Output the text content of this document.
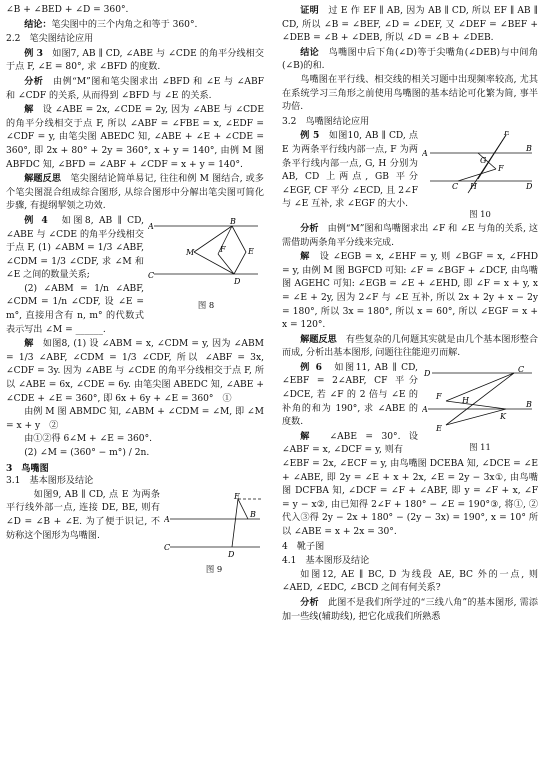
∠B + ∠BED + ∠D = 360°.

结论：笔尖图中的三个内角之和等于 360°.

2.2　笔尖图结论应用

例 3　如图7, AB ∥ CD, ∠ABE 与 ∠CDE 的角平分线相交于点 F, ∠E = 80°, 求 ∠BFD 的度数.

分析　由例“M”图和笔尖图求出 ∠BFD 和 ∠E 与 ∠ABF 和 ∠CDF 的关系, 从而得到 ∠BFD 与 ∠E 的关系.

解　设 ∠ABE = 2x, ∠CDE = 2y, 因为 ∠ABE 与 ∠CDE 的角平分线相交于点 F, 所以 ∠ABF = ∠FBE = x, ∠EDF = ∠CDF = y, 由笔尖图 ABEDC 知, ∠ABE + ∠E + ∠CDE = 360°, 即 2x + 80° + 2y = 360°, x + y = 140°, 由例 M 图 ABFDC 知, ∠BFD = ∠ABF + ∠CDF = x + y = 140°.

解题反思　笔尖图结论简单易记, 往往和例 M 图结合, 或多个笔尖图混合组成综合图形, 从综合图形中分解出笔尖图可简化步骤, 有提纲挈领之功效.

A
B
E
F
M
C
D
图 8

例 4　如图8, AB ∥ CD, ∠ABE 与 ∠CDE 的角平分线相交于点 F, (1) ∠ABM = 1/3 ∠ABF, ∠CDM = 1/3 ∠CDF, 求 ∠M 和 ∠E 之间的数量关系;

(2) ∠ABM = 1/n ∠ABF, ∠CDM = 1/n ∠CDF, 设 ∠E = m°, 直接用含有 n, m° 的代数式表示写出 ∠M = ______.

解　如图8, (1) 设 ∠ABM = x, ∠CDM = y, 因为 ∠ABM = 1/3 ∠ABF, ∠CDM = 1/3 ∠CDF, 所以 ∠ABF = 3x, ∠CDF = 3y. 因为 ∠ABE 与 ∠CDE 的角平分线相交于点 F, 所以 ∠ABE = 6x, ∠CDE = 6y. 由笔尖图 ABEDC 知, ∠ABE + ∠CDE + ∠E = 360°, 即 6x + 6y + ∠E = 360°　①

由例 M 图 ABMDC 知, ∠ABM + ∠CDM = ∠M, 即 ∠M = x + y　②

由①②得 6∠M + ∠E = 360°.

(2) ∠M = (360° − m°) / 2n.

3　鸟嘴图

3.1　基本图形及结论

E
A
B
C
D
图 9

　如图9, AB ∥ CD, 点 E 为两条平行线外部一点, 连接 DE, BE, 则有 ∠D = ∠B + ∠E. 为了便于识记, 不妨称这个图形为鸟嘴图.

证明　过 E 作 EF ∥ AB, 因为 AB ∥ CD, 所以 EF ∥ AB ∥ CD, 所以 ∠B = ∠BEF, ∠D = ∠DEF, 又 ∠DEF = ∠BEF + ∠DEB = ∠B + ∠DEB, 所以 ∠D = ∠B + ∠DEB.

结论　鸟嘴图中后下角(∠D)等于尖嘴角(∠DEB)与中间角(∠B)的和.

鸟嘴图在平行线、相交线的相关习题中出现频率较高, 尤其在系统学习三角形之前使用鸟嘴图的基本结论可化繁为简, 事半功倍.

3.2　鸟嘴图结论应用

E
A
G
F
B
C H	D
图 10

例 5　如图10, AB ∥ CD, 点 E 为两条平行线内部一点, F 为两条平行线内部一点, G, H 分别为 AB, CD 上两点, GB 平分 ∠EGF, CF 平分 ∠ECD, 且 2∠F 与 ∠E 互补, 求 ∠EGF 的大小.

分析　由例“M”图和鸟嘴图求出 ∠F 和 ∠E 与角的关系, 这需借助两条角平分线来完成.

解　设 ∠EGB = x, ∠EHF = y, 则 ∠BGF = x, ∠FHD = y, 由例 M 图 BGFCD 可知: ∠F = ∠BGF + ∠DCF, 由鸟嘴图 AGEHC 可知: ∠EGB = ∠E + ∠EHD, 即 ∠F = x + y, x = ∠E + 2y, 因为 2∠F 与 ∠E 互补, 所以 2x + 2y + x − 2y = 180°, 所以 3x = 180°, 所以 x = 60°, 所以 ∠EGF = x + x = 120°.

解题反思　有些复杂的几何题其实就是由几个基本图形整合而成, 分析出基本图形, 问题往往能迎刃而解.

D	C
A
H	B
F
E
K
图 11

例 6　如图11, AB ∥ CD, ∠EBF = 2∠ABF, CF 平分 ∠DCE, 若 ∠F 的 2 倍与 ∠E 的补角的和为 190°, 求 ∠ABE 的度数.

解　∠ABE = 30°. 设 ∠ABF = x, ∠DCF = y, 则有

∠EBF = 2x, ∠ECF = y, 由鸟嘴图 DCEBA 知, ∠DCE = ∠E + ∠ABE, 即 2y = ∠E + x + 2x, ∠E = 2y − 3x①, 由鸟嘴图 DCFBA 知, ∠DCF = ∠F + ∠ABF, 即 y = ∠F + x, ∠F = y − x②, 由已知得 2∠F + 180° − ∠E = 190°③, 将①, ②代入③得 2y − 2x + 180° − (2y − 3x) = 190°, x = 10° 所以 ∠ABE = x + 2x = 30°.

4　靴子图

4.1　基本图形及结论

如图12, AE ∥ BC, D 为线段 AE, BC 外的一点, 则 ∠AED, ∠EDC, ∠BCD 之间有何关系?

分析　此图不是我们所学过的“三线八角”的基本图形, 需添加一些线(辅助线), 把它化成我们所熟悉
